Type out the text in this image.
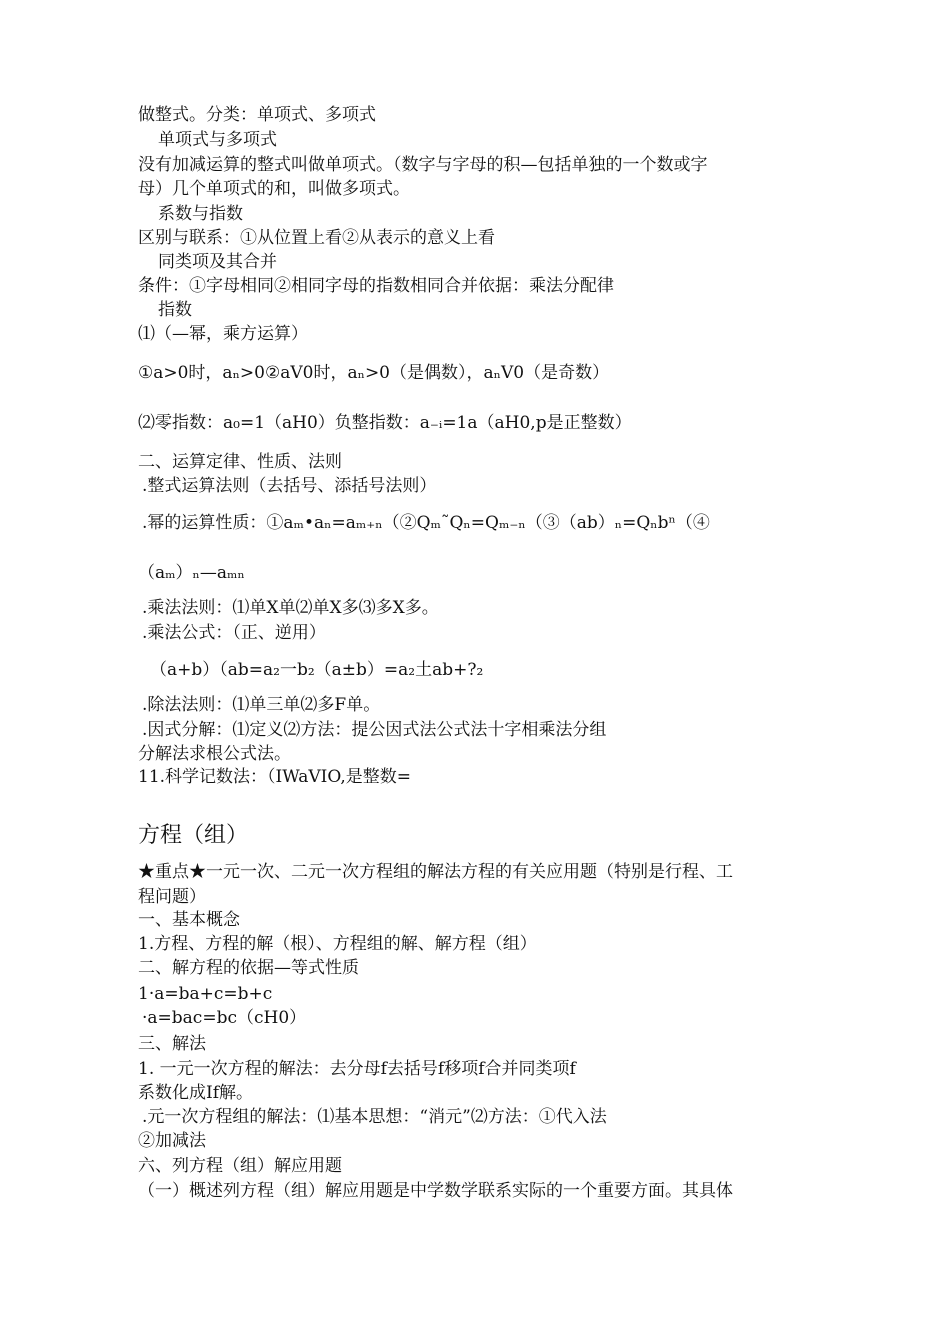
做整式。分类：单项式、多项式
单项式与多项式
没有加减运算的整式叫做单项式。（数字与字母的积—包括单独的一个数或字
母）几个单项式的和，叫做多项式。
系数与指数
区别与联系：①从位置上看②从表示的意义上看
同类项及其合并
条件：①字母相同②相同字母的指数相同合并依据：乘法分配律
指数
⑴（—幂，乘方运算）
①a>0时，aₙ>0②aV0时，aₙ>0（是偶数），aₙV0（是奇数）
⑵零指数：a₀=1（aH0）负整指数：a₋ᵢ=1a（aH0,p是正整数）
二、运算定律、性质、法则
.整式运算法则（去括号、添括号法则）
.幂的运算性质：①aₘ•aₙ=aₘ₊ₙ（②Qₘ˜Qₙ=Qₘ₋ₙ（③（ab）ₙ=Qₙbⁿ（④
（aₘ）ₙ—aₘₙ
.乘法法则：⑴单X单⑵单X多⑶多X多。
.乘法公式：（正、逆用）
（a+b）（ab=a₂一b₂（a±b）=a₂土ab+?₂
.除法法则：⑴单三单⑵多F单。
.因式分解：⑴定义⑵方法：提公因式法公式法十字相乘法分组
分解法求根公式法。
11.科学记数法：（IWaVIO,是整数=
方程（组）
★重点★一元一次、二元一次方程组的解法方程的有关应用题（特别是行程、工
程问题）
一、基本概念
1.方程、方程的解（根）、方程组的解、解方程（组）
二、解方程的依据—等式性质
1·a=ba+c=b+c
·a=bac=bc（cH0）
三、解法
1. 一元一次方程的解法：去分母f去括号f移项f合并同类项f
系数化成If解。
.元一次方程组的解法：⑴基本思想：“消元”⑵方法：①代入法
②加减法
六、列方程（组）解应用题
（一）概述列方程（组）解应用题是中学数学联系实际的一个重要方面。其具体
